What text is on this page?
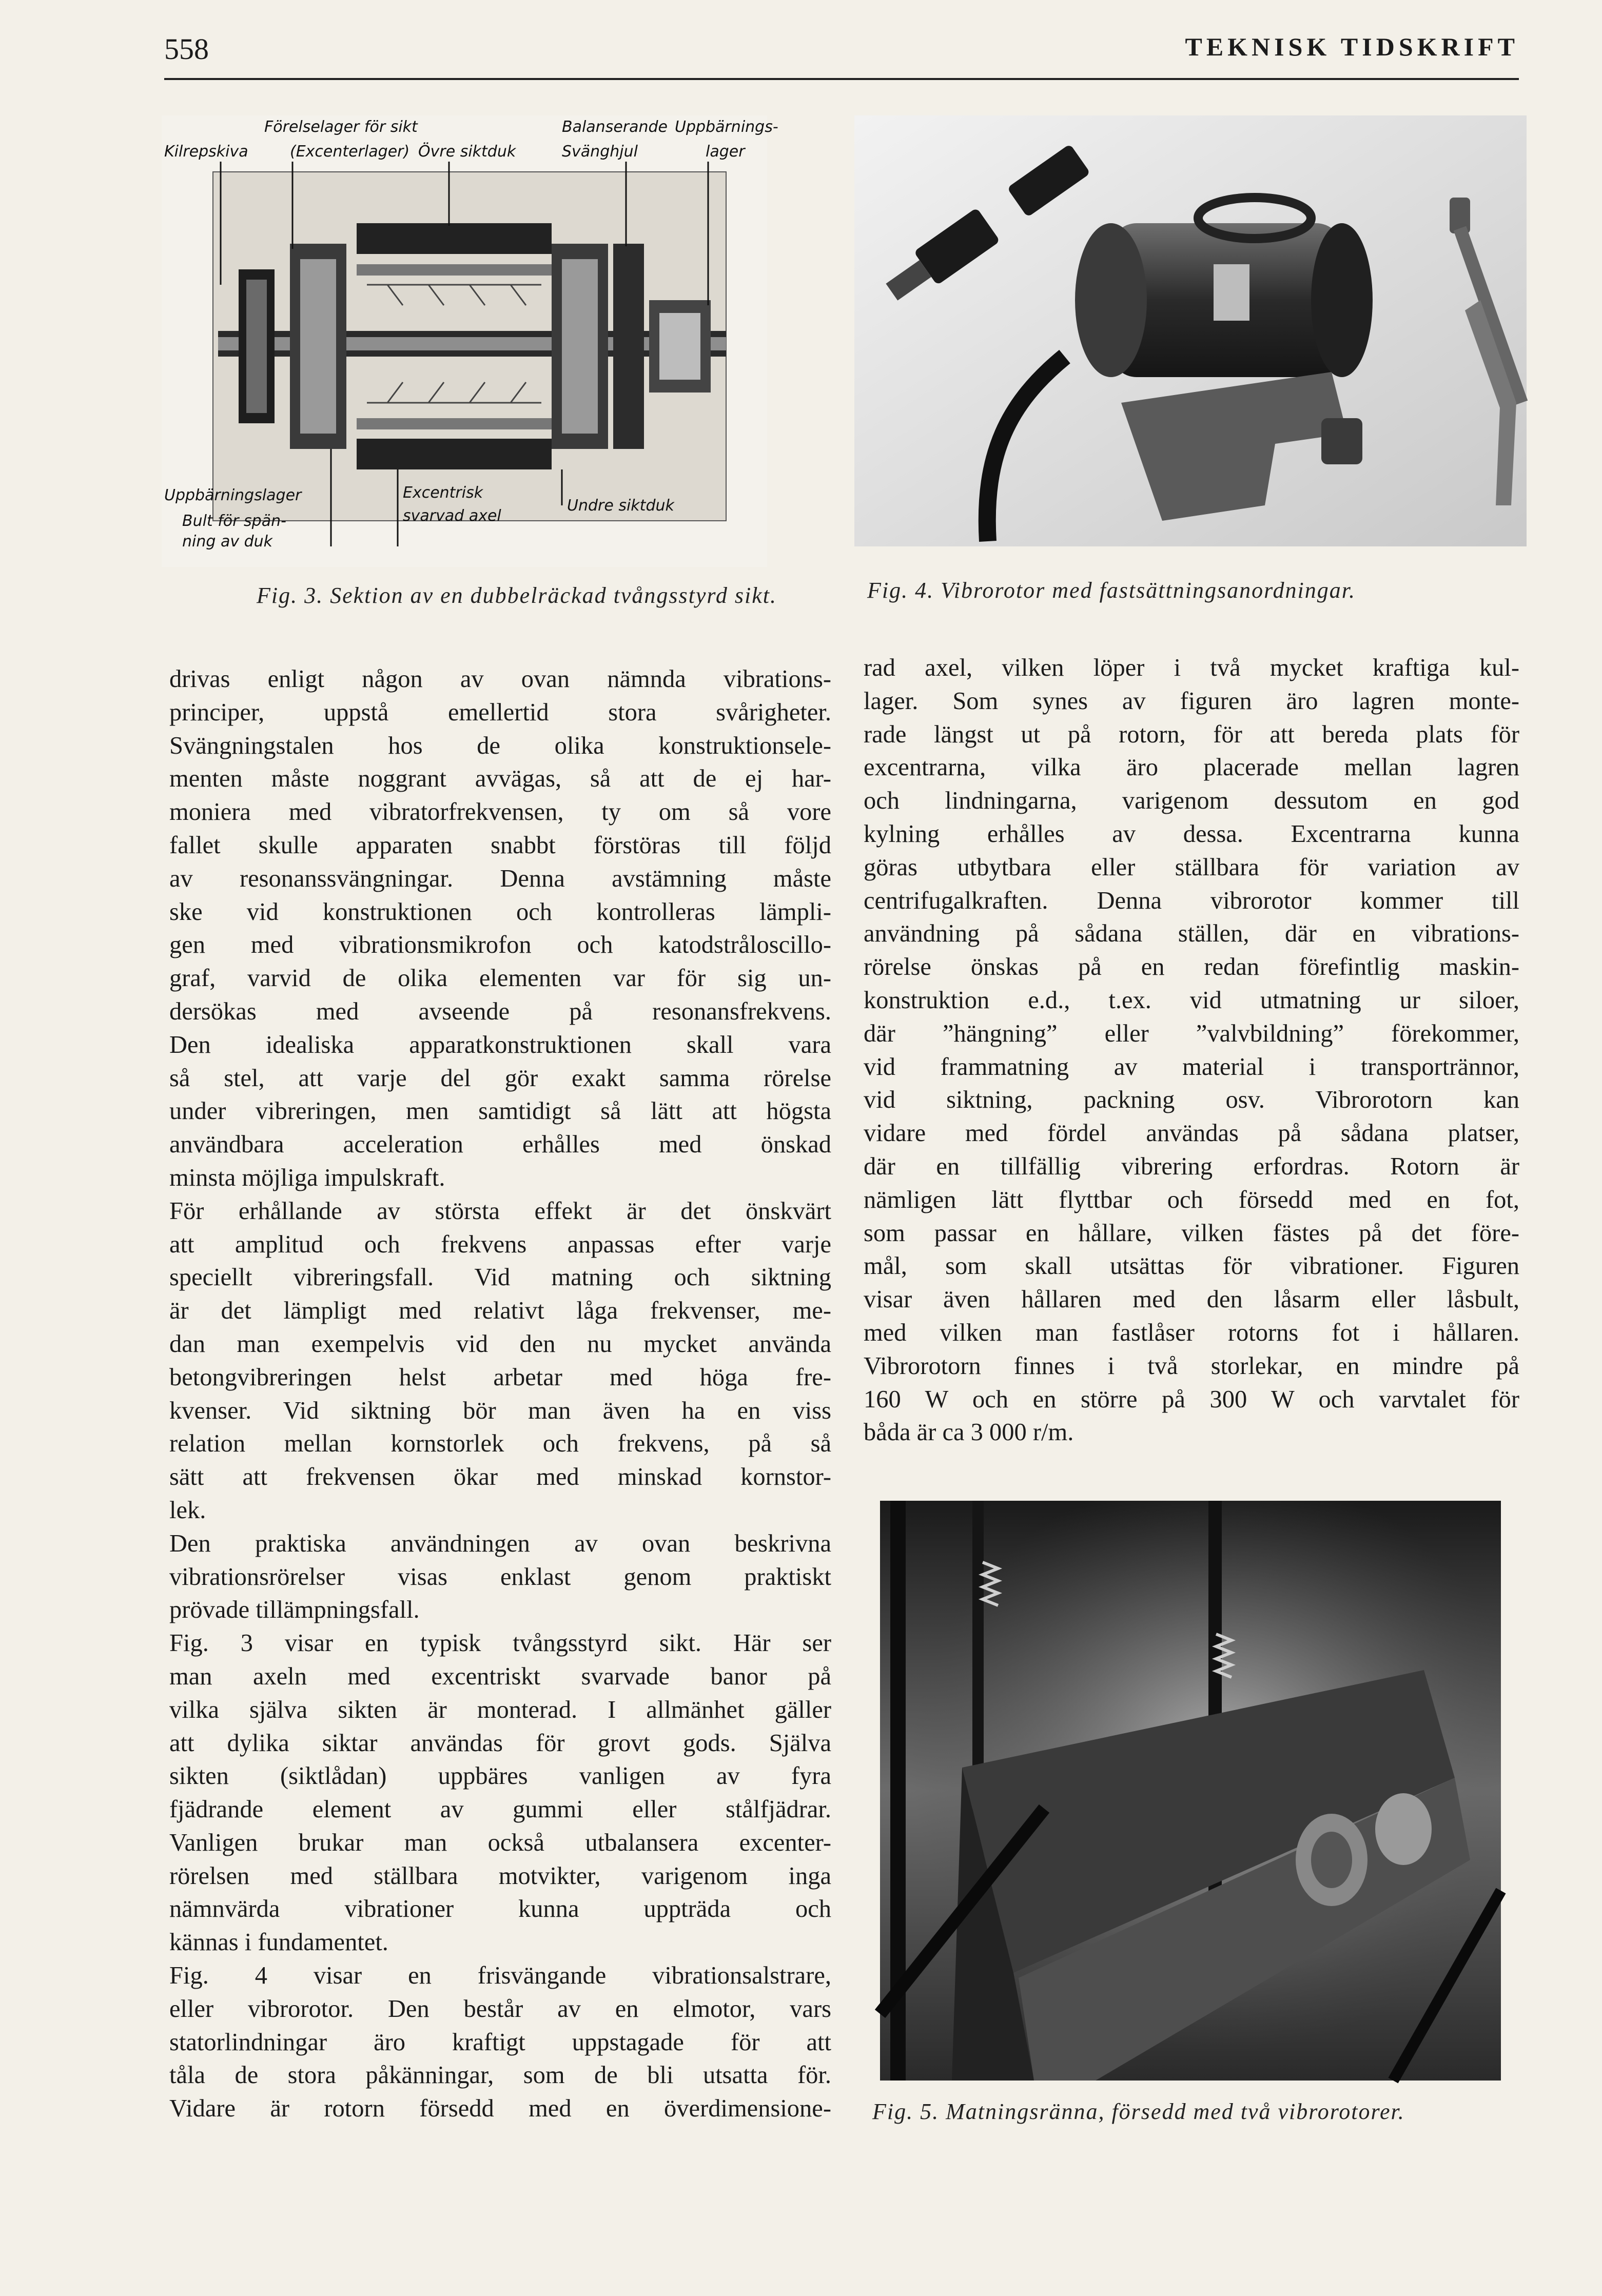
558	TEKNISK TIDSKRIFT
Förelselager för sikt
(Excenterlager)
Kilrepskiva	Övre siktduk
Balanserande
Svänghjul
Uppbärnings-
lager
Uppbärningslager
Bult för spän-
ning av duk
Excentrisk
svarvad axel
Undre siktduk
Fig. 3. Sektion av en dubbelräckad tvångsstyrd sikt.	Fig. 4. Vibrorotor med fastsättningsanordningar.
Fig. 5. Matningsränna, försedd med två vibrorotorer.

drivas enligt någon av ovan nämnda vibrations-

principer, uppstå emellertid stora svårigheter.

Svängningstalen hos de olika konstruktionsele-

menten måste noggrant avvägas, så att de ej har-

moniera med vibratorfrekvensen, ty om så vore

fallet skulle apparaten snabbt förstöras till följd

av resonanssvängningar. Denna avstämning måste

ske vid konstruktionen och kontrolleras lämpli-

gen med vibrationsmikrofon och katodstråloscillo-

graf, varvid de olika elementen var för sig un-

dersökas med avseende på resonansfrekvens.

Den idealiska apparatkonstruktionen skall vara

så stel, att varje del gör exakt samma rörelse

under vibreringen, men samtidigt så lätt att högsta

användbara acceleration erhålles med önskad

minsta möjliga impulskraft.

För erhållande av största effekt är det önskvärt

att amplitud och frekvens anpassas efter varje

speciellt vibreringsfall. Vid matning och siktning

är det lämpligt med relativt låga frekvenser, me-

dan man exempelvis vid den nu mycket använda

betongvibreringen helst arbetar med höga fre-

kvenser. Vid siktning bör man även ha en viss

relation mellan kornstorlek och frekvens, på så

sätt att frekvensen ökar med minskad kornstor-

lek.

Den praktiska användningen av ovan beskrivna

vibrationsrörelser visas enklast genom praktiskt

prövade tillämpningsfall.

Fig. 3 visar en typisk tvångsstyrd sikt. Här ser

man axeln med excentriskt svarvade banor på

vilka själva sikten är monterad. I allmänhet gäller

att dylika siktar användas för grovt gods. Själva

sikten (siktlådan) uppbäres vanligen av fyra

fjädrande element av gummi eller stålfjädrar.

Vanligen brukar man också utbalansera excenter-

rörelsen med ställbara motvikter, varigenom inga

nämnvärda vibrationer kunna uppträda och

kännas i fundamentet.

Fig. 4 visar en frisvängande vibrationsalstrare,

eller vibrorotor. Den består av en elmotor, vars

statorlindningar äro kraftigt uppstagade för att

tåla de stora påkänningar, som de bli utsatta för.

Vidare är rotorn försedd med en överdimensione-

rad axel, vilken löper i två mycket kraftiga kul-

lager. Som synes av figuren äro lagren monte-

rade längst ut på rotorn, för att bereda plats för

excentrarna, vilka äro placerade mellan lagren

och lindningarna, varigenom dessutom en god

kylning erhålles av dessa. Excentrarna kunna

göras utbytbara eller ställbara för variation av

centrifugalkraften. Denna vibrorotor kommer till

användning på sådana ställen, där en vibrations-

rörelse önskas på en redan förefintlig maskin-

konstruktion e.d., t.ex. vid utmatning ur siloer,

där ”hängning” eller ”valvbildning” förekommer,

vid frammatning av material i transportrännor,

vid siktning, packning osv. Vibrorotorn kan

vidare med fördel användas på sådana platser,

där en tillfällig vibrering erfordras. Rotorn är

nämligen lätt flyttbar och försedd med en fot,

som passar en hållare, vilken fästes på det före-

mål, som skall utsättas för vibrationer. Figuren

visar även hållaren med den låsarm eller låsbult,

med vilken man fastlåser rotorns fot i hållaren.

Vibrorotorn finnes i två storlekar, en mindre på

160 W och en större på 300 W och varvtalet för

båda är ca 3 000 r/m.
